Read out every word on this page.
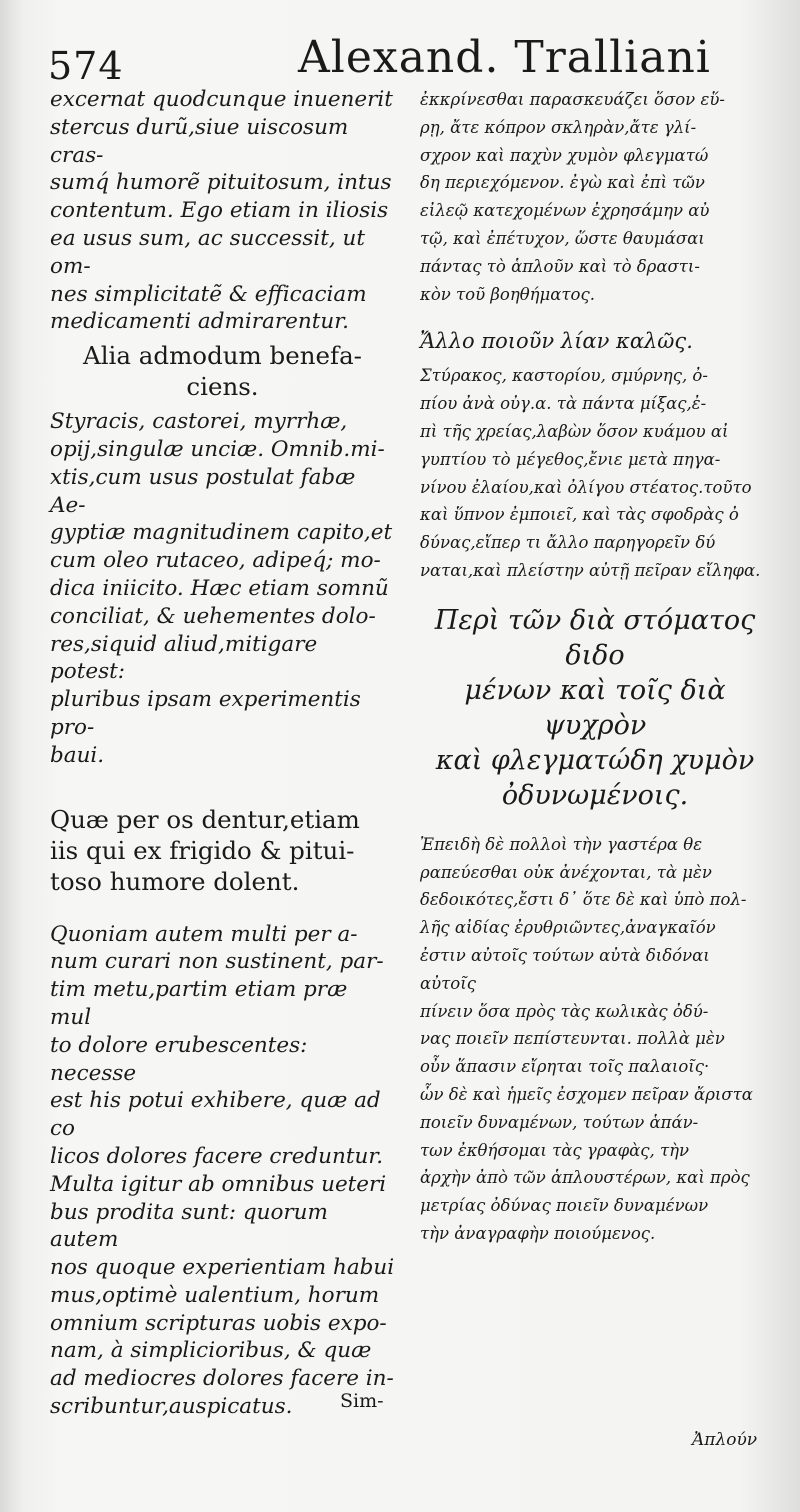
574	Alexand. Tralliani

excernat quodcunque inuenerit
stercus durũ,siue uiscosum cras-
sumq́ humorẽ pituitosum, intus
contentum. Ego etiam in iliosis
ea usus sum, ac successit, ut om-
nes simplicitatẽ & efficaciam
medicamenti admirarentur.

Alia admodum benefa-
ciens.

Styracis, castorei, myrrhæ,
opij,singulæ unciæ. Omnib.mi-
xtis,cum usus postulat fabæ Ae-
gyptiæ magnitudinem capito,et
cum oleo rutaceo, adipeq́; mo-
dica iniicito. Hæc etiam somnũ
conciliat, & uehementes dolo-
res,siquid aliud,mitigare potest:
pluribus ipsam experimentis pro-
baui.

Quæ per os dentur,etiam
iis qui ex frigido & pitui-
toso humore dolent.

Quoniam autem multi per a-
num curari non sustinent, par-
tim metu,partim etiam præ mul
to dolore erubescentes: necesse
est his potui exhibere, quæ ad co
licos dolores facere creduntur.
Multa igitur ab omnibus ueteri
bus prodita sunt: quorum autem
nos quoque experientiam habui
mus,optimè ualentium, horum
omnium scripturas uobis expo-
nam, à simplicioribus, & quæ
ad mediocres dolores facere in-
scribuntur,auspicatus.

ἐκκρίνεσθαι παρασκευάζει ὅσον εὕ-
ρῃ, ἄτε κόπρον σκληρὰν,ἄτε γλί-
σχρον καὶ παχὺν χυμὸν φλεγματώ
δη περιεχόμενον. ἐγὼ καὶ ἐπὶ τῶν
εἰλεῷ κατεχομένων ἐχρησάμην αὐ
τῷ, καὶ ἐπέτυχον, ὥστε θαυμάσαι
πάντας τὸ ἁπλοῦν καὶ τὸ δραστι-
κὸν τοῦ βοηθήματος.

Ἄλλο ποιοῦν λίαν καλῶς.

Στύρακος, καστορίου, σμύρνης, ὀ-
πίου ἀνὰ οὐγ.α. τὰ πάντα μίξας,ἐ-
πὶ τῆς χρείας,λαβὼν ὅσον κυάμου αἰ
γυπτίου τὸ μέγεθος,ἔνιε μετὰ πηγα-
νίνου ἐλαίου,καὶ ὀλίγου στέατος.τοῦτο
καὶ ὕπνον ἐμποιεῖ, καὶ τὰς σφοδρὰς ὀ
δύνας,εἴπερ τι ἄλλο παρηγορεῖν δύ
ναται,καὶ πλείστην αὐτῇ πεῖραν εἴληφα.

Περὶ τῶν διὰ στόματος διδο
μένων καὶ τοῖς διὰ ψυχρὸν
καὶ φλεγματώδη χυμὸν
ὀδυνωμένοις.

Ἐπειδὴ δὲ πολλοὶ τὴν γαστέρα θε
ραπεύεσθαι οὐκ ἀνέχονται, τὰ μὲν
δεδοικότες,ἔστι δ᾽ ὅτε δὲ καὶ ὑπὸ πολ-
λῆς αἰδίας ἐρυθριῶντες,ἀναγκαῖόν
ἐστιν αὐτοῖς τούτων αὐτὰ διδόναι αὐτοῖς
πίνειν ὅσα πρὸς τὰς κωλικὰς ὀδύ-
νας ποιεῖν πεπίστευνται. πολλὰ μὲν
οὖν ἅπασιν εἴρηται τοῖς παλαιοῖς·
ὧν δὲ καὶ ἡμεῖς ἐσχομεν πεῖραν ἄριστα
ποιεῖν δυναμένων, τούτων ἁπάν-
των ἐκθήσομαι τὰς γραφὰς, τὴν
ἀρχὴν ἀπὸ τῶν ἁπλουστέρων, καὶ πρὸς
μετρίας ὀδύνας ποιεῖν δυναμένων
τὴν ἀναγραφὴν ποιούμενος.

Sim-
Ἀπλούν
